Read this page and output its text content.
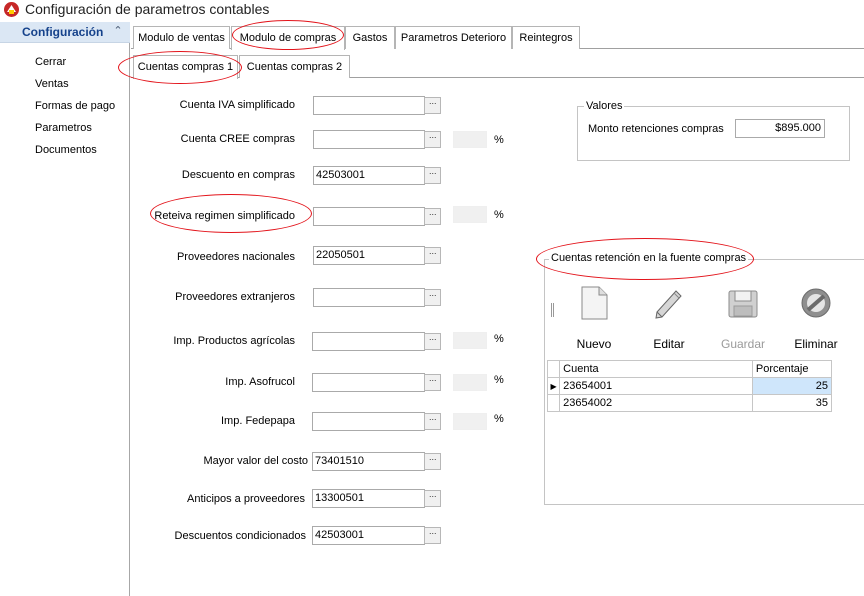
Configuración de parametros contables
Configuración ⌃

Cerrar
Ventas
Formas de pago
Parametros
Documentos
Modulo de ventas	Modulo de compras	Gastos	Parametros Deterioro	Reintegros
Cuentas compras 1	Cuentas compras 2
Cuenta IVA simplificado	···
Cuenta CREE compras	···	%
Descuento en compras 42503001	···
Reteiva regimen simplificado	···	%
Proveedores nacionales 22050501	···
Proveedores extranjeros	···
Imp. Productos agrícolas	···	%
Imp. Asofrucol	···	%
Imp. Fedepapa	···	%
Mayor valor del costo 73401510	···
Anticipos a proveedores 13300501	···
Descuentos condicionados 42503001	···
Valores
Monto retenciones compras	$895.000
Cuentas retención en la fuente compras
Nuevo	Editar	Guardar	Eliminar
	Cuenta	Porcentaje
▶	23654001	25
	23654002	35
